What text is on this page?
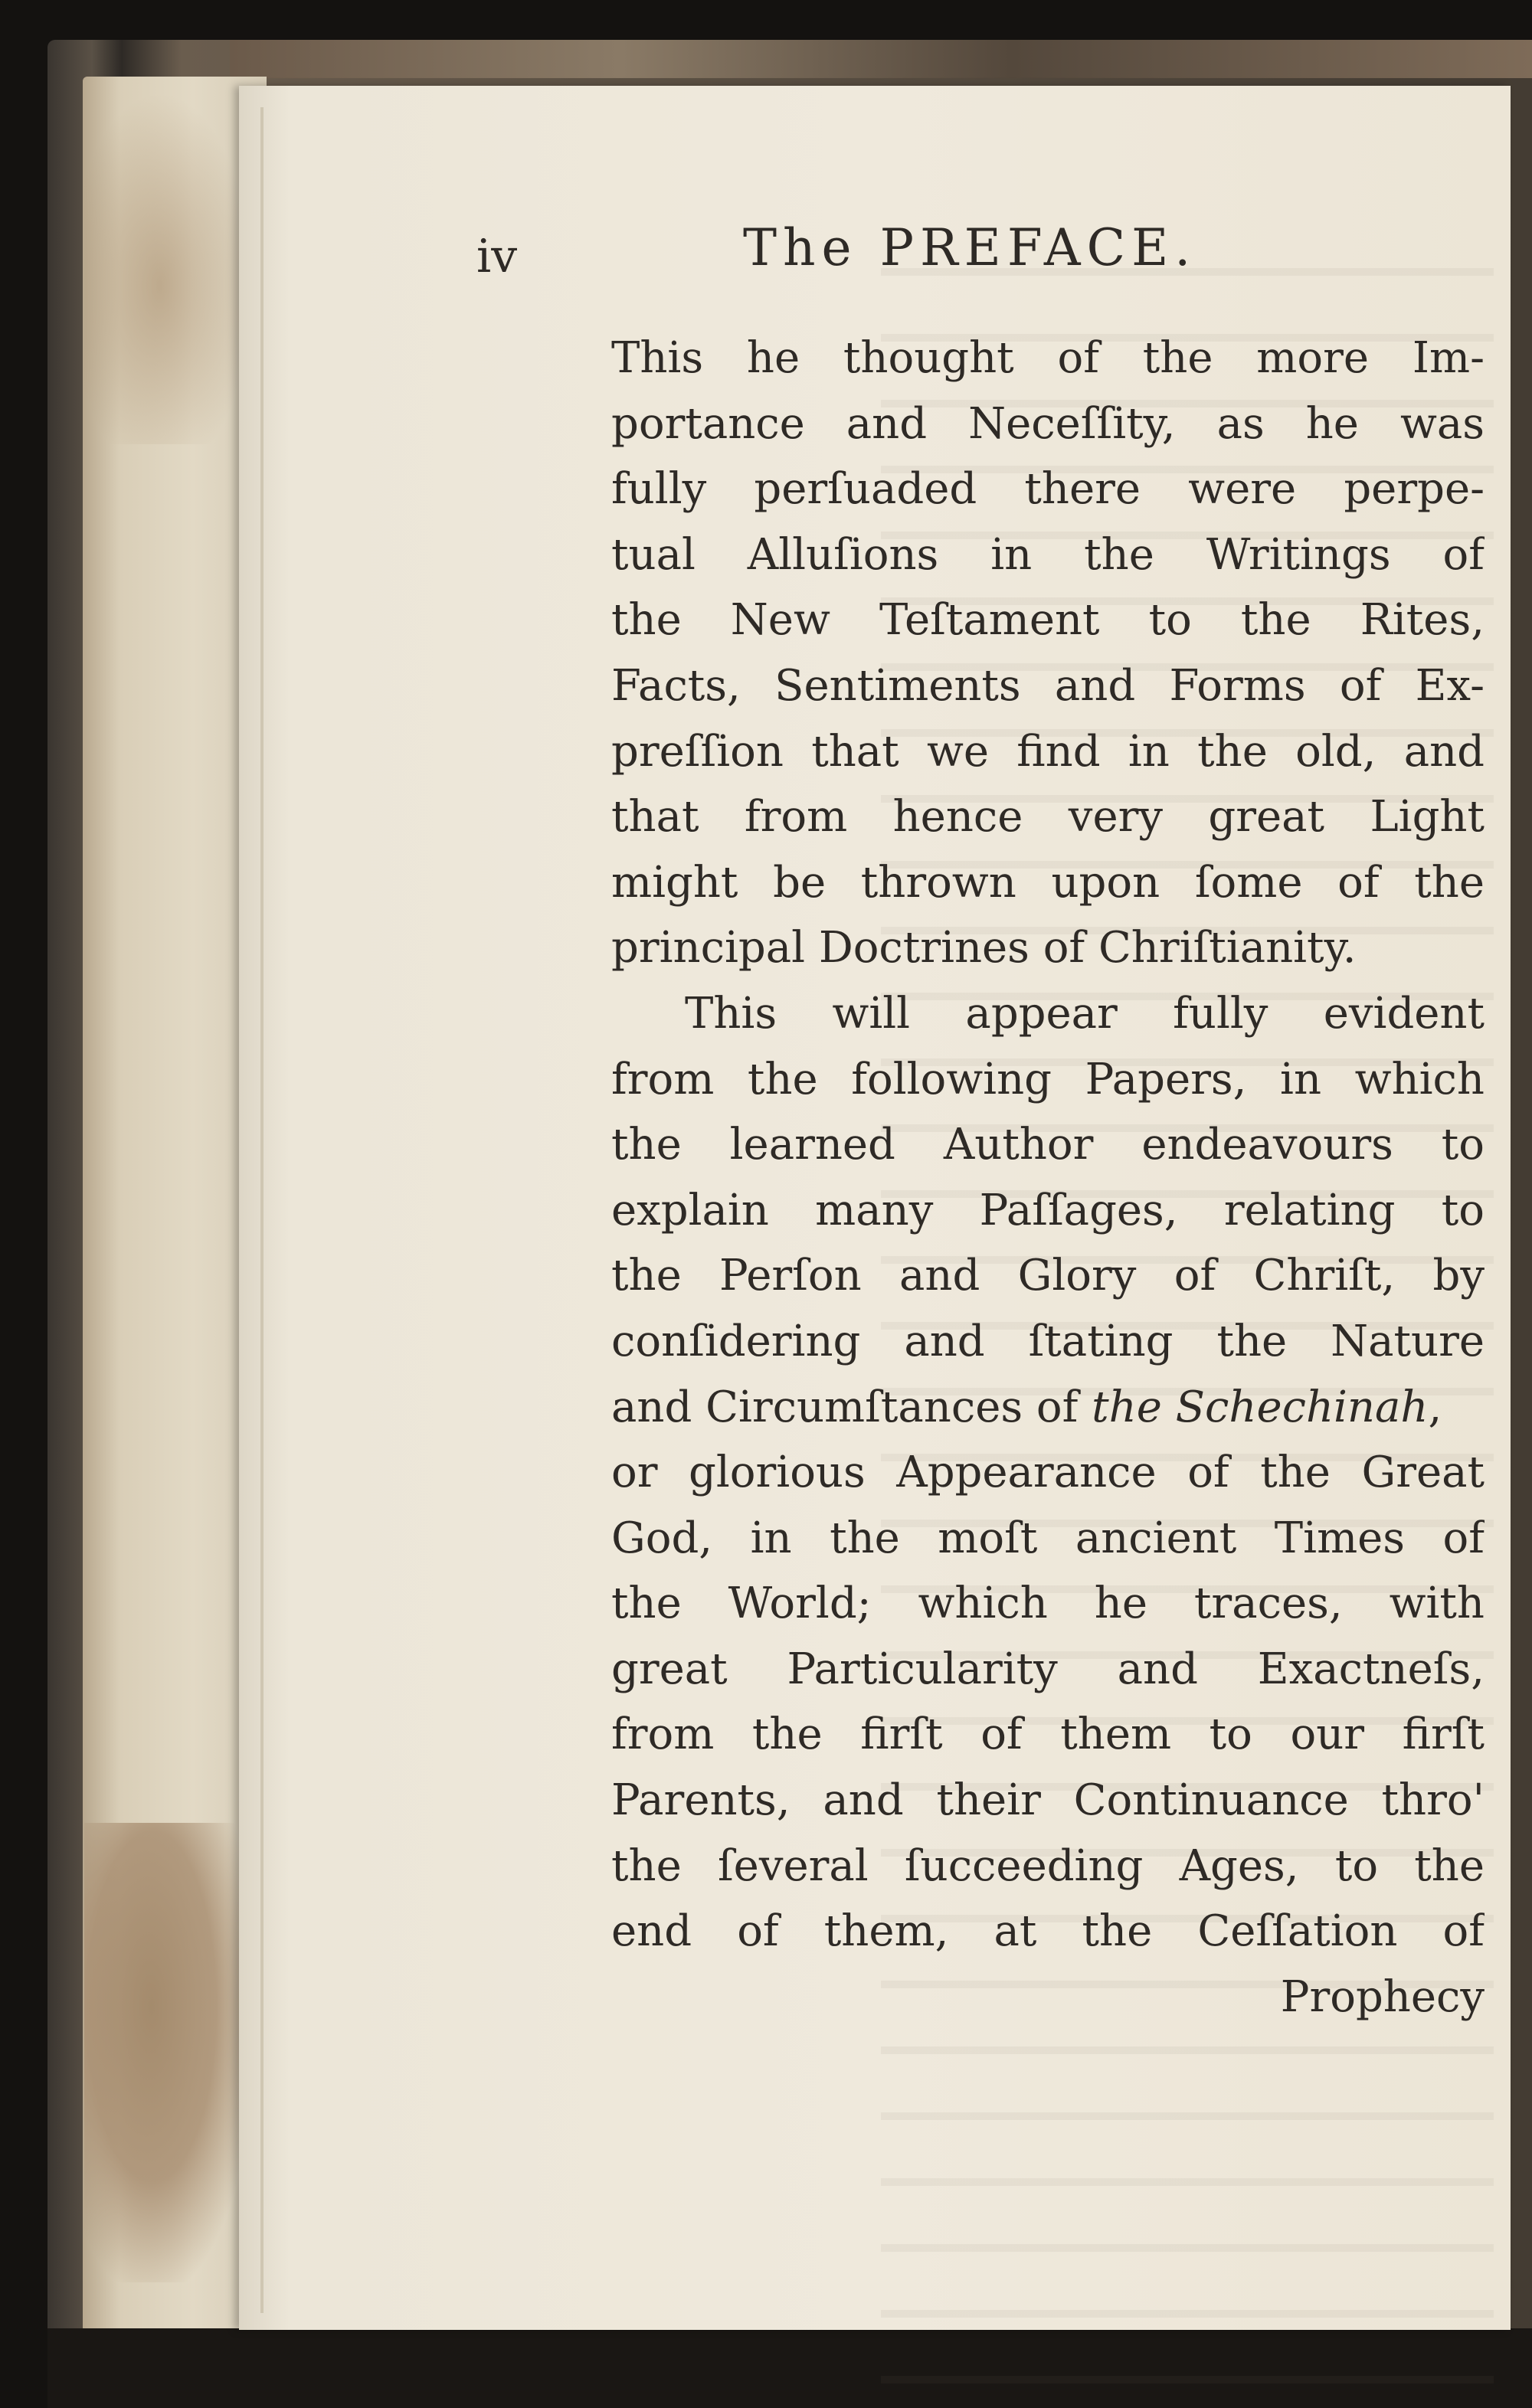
iv	The PREFACE.

This he thought of the more Im-
portance and Neceſſity, as he was
fully perſuaded there were perpe-
tual Alluſions in the Writings of
the New Teſtament to the Rites,
Facts, Sentiments and Forms of Ex-
preſſion that we find in the old, and
that from hence very great Light
might be thrown upon ſome of the
principal Doctrines of Chriſtianity.
This will appear fully evident
from the following Papers, in which
the learned Author endeavours to
explain many Paſſages, relating to
the Perſon and Glory of Chriſt, by
conſidering and ſtating the Nature
and Circumſtances of the Schechinah,
or glorious Appearance of the Great
God, in the moſt ancient Times of
the World; which he traces, with
great Particularity and Exactneſs,
from the firſt of them to our firſt
Parents, and their Continuance thro'
the ſeveral ſucceeding Ages, to the
end of them, at the Ceſſation of
Prophecy
